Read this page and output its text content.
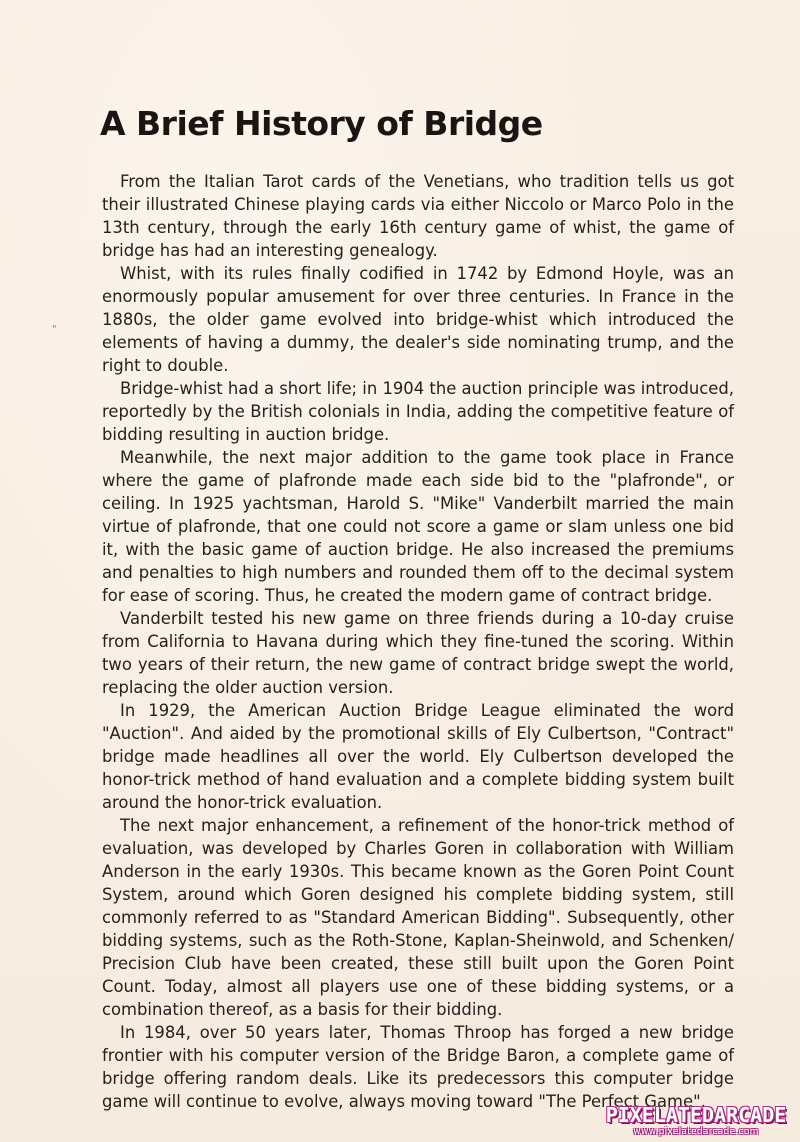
A Brief History of Bridge
"

From the Italian Tarot cards of the Venetians, who tradition tells us got their illustrated Chinese playing cards via either Niccolo or Marco Polo in the 13th century, through the early 16th century game of whist, the game of bridge has had an interesting genealogy.

Whist, with its rules finally codified in 1742 by Edmond Hoyle, was an enormously popular amusement for over three centuries. In France in the 1880s, the older game evolved into bridge-whist which introduced the elements of having a dummy, the dealer's side nominating trump, and the right to double.

Bridge-whist had a short life; in 1904 the auction principle was introduced, reportedly by the British colonials in India, adding the competitive feature of bidding resulting in auction bridge.

Meanwhile, the next major addition to the game took place in France where the game of plafronde made each side bid to the "plafronde", or ceiling. In 1925 yachtsman, Harold S. "Mike" Vanderbilt married the main virtue of plafronde, that one could not score a game or slam unless one bid it, with the basic game of auction bridge. He also increased the premiums and penalties to high numbers and rounded them off to the decimal system for ease of scoring. Thus, he created the modern game of contract bridge.

Vanderbilt tested his new game on three friends during a 10-day cruise from California to Havana during which they fine-tuned the scoring. Within two years of their return, the new game of contract bridge swept the world, replacing the older auction version.

In 1929, the American Auction Bridge League eliminated the word "Auction". And aided by the promotional skills of Ely Culbertson, "Contract" bridge made headlines all over the world. Ely Culbertson developed the honor-trick method of hand evaluation and a complete bidding system built around the honor-trick evaluation.

The next major enhancement, a refinement of the honor-trick method of evaluation, was developed by Charles Goren in collaboration with William Anderson in the early 1930s. This became known as the Goren Point Count System, around which Goren designed his complete bidding system, still commonly referred to as "Standard American Bidding". Subsequently, other bidding systems, such as the Roth-Stone, Kaplan-Sheinwold, and Schenken/ Precision Club have been created, these still built upon the Goren Point Count. Today, almost all players use one of these bidding systems, or a combination thereof, as a basis for their bidding.

In 1984, over 50 years later, Thomas Throop has forged a new bridge frontier with his computer version of the Bridge Baron, a complete game of bridge offering random deals. Like its predecessors this computer bridge game will continue to evolve, always moving toward "The Perfect Game".

PIXELATEDARCADE
www.pixelatedarcade.com
